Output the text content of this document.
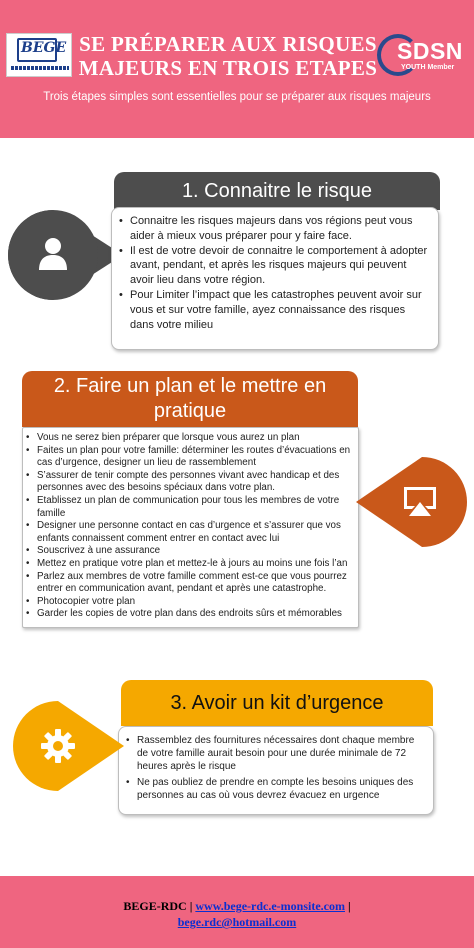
BEGE SE PRÉPARER AUX RISQUES MAJEURS EN TROIS ETAPES
SDSN
YOUTH Member
Trois étapes simples sont essentielles pour se préparer aux risques majeurs
1. Connaitre le risque
• Connaitre les risques majeurs dans vos régions peut vous aider à mieux vous préparer pour y faire face.
• Il est de votre devoir de connaitre le comportement à adopter avant, pendant, et après les risques majeurs qui peuvent avoir lieu dans votre région.
• Pour Limiter l’impact que les catastrophes peuvent avoir sur vous et sur votre famille, ayez connaissance des risques dans votre milieu
2. Faire un plan et le mettre en pratique
• Vous ne serez bien préparer que lorsque vous aurez un plan
• Faites un plan pour votre famille: déterminer les routes d’évacuations en cas d’urgence, designer un lieu de rassemblement
• S’assurer de tenir compte des personnes vivant avec handicap et des personnes avec des besoins spéciaux dans votre plan.
• Etablissez un plan de communication pour tous les membres de votre famille
• Designer une personne contact en cas d’urgence et s’assurer que vos enfants connaissent comment entrer en contact avec lui
• Souscrivez à une assurance
• Mettez en pratique votre plan et mettez-le à jours au moins une fois l’an
• Parlez aux membres de votre famille comment est-ce que vous pourrez entrer en communication avant, pendant et après une catastrophe.
• Photocopier votre plan
• Garder les copies de votre plan dans des endroits sûrs et mémorables
3. Avoir un kit d’urgence
• Rassemblez des fournitures nécessaires dont chaque membre de votre famille aurait besoin pour une durée minimale de 72 heures après le risque
• Ne pas oubliez de prendre en compte les besoins uniques des personnes au cas où vous devrez évacuez en urgence
BEGE-RDC | www.bege-rdc.e-monsite.com |
bege.rdc@hotmail.com
